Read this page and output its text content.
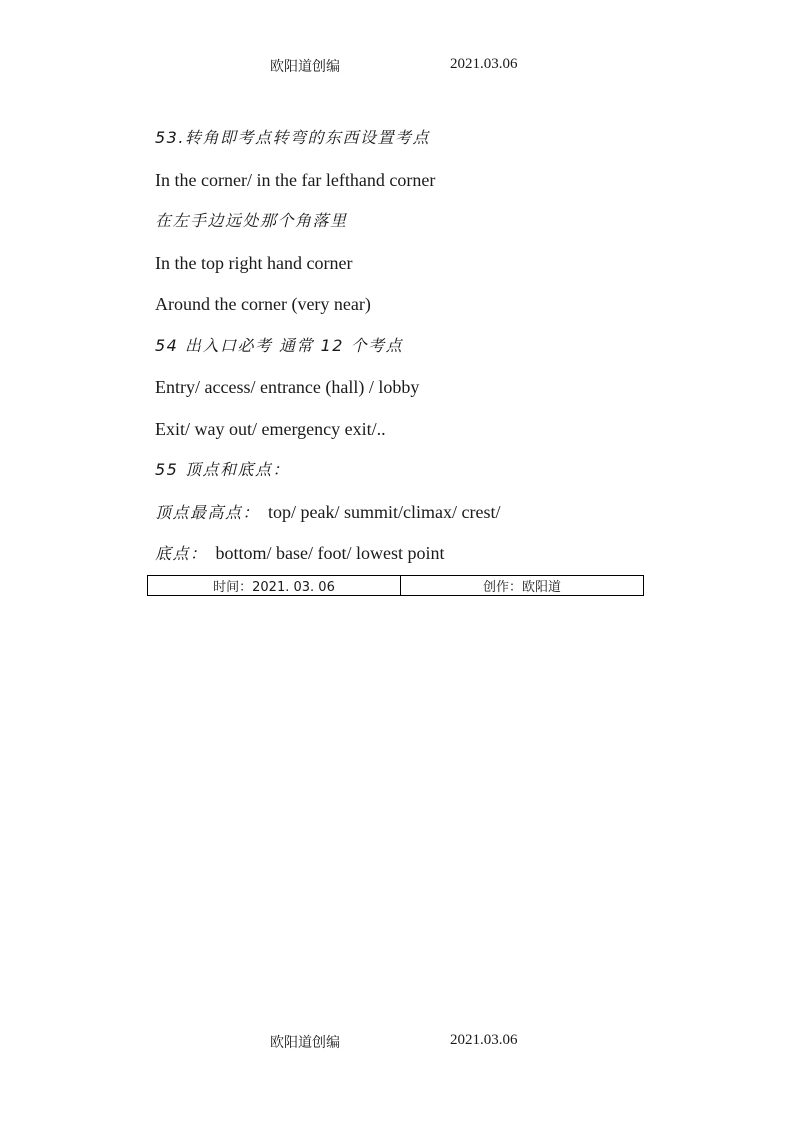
欧阳道创编	2021.03.06
53.转角即考点转弯的东西设置考点
In the corner/ in the far lefthand corner
在左手边远处那个角落里
In the top right hand corner
Around the corner (very near)
54 出入口必考 通常 12 个考点
Entry/ access/ entrance (hall) / lobby
Exit/ way out/ emergency exit/..
55 顶点和底点：
顶点最高点： top/ peak/ summit/climax/ crest/
底点： bottom/ base/ foot/ lowest point
时间：2021. 03. 06	创作：欧阳道
欧阳道创编	2021.03.06
